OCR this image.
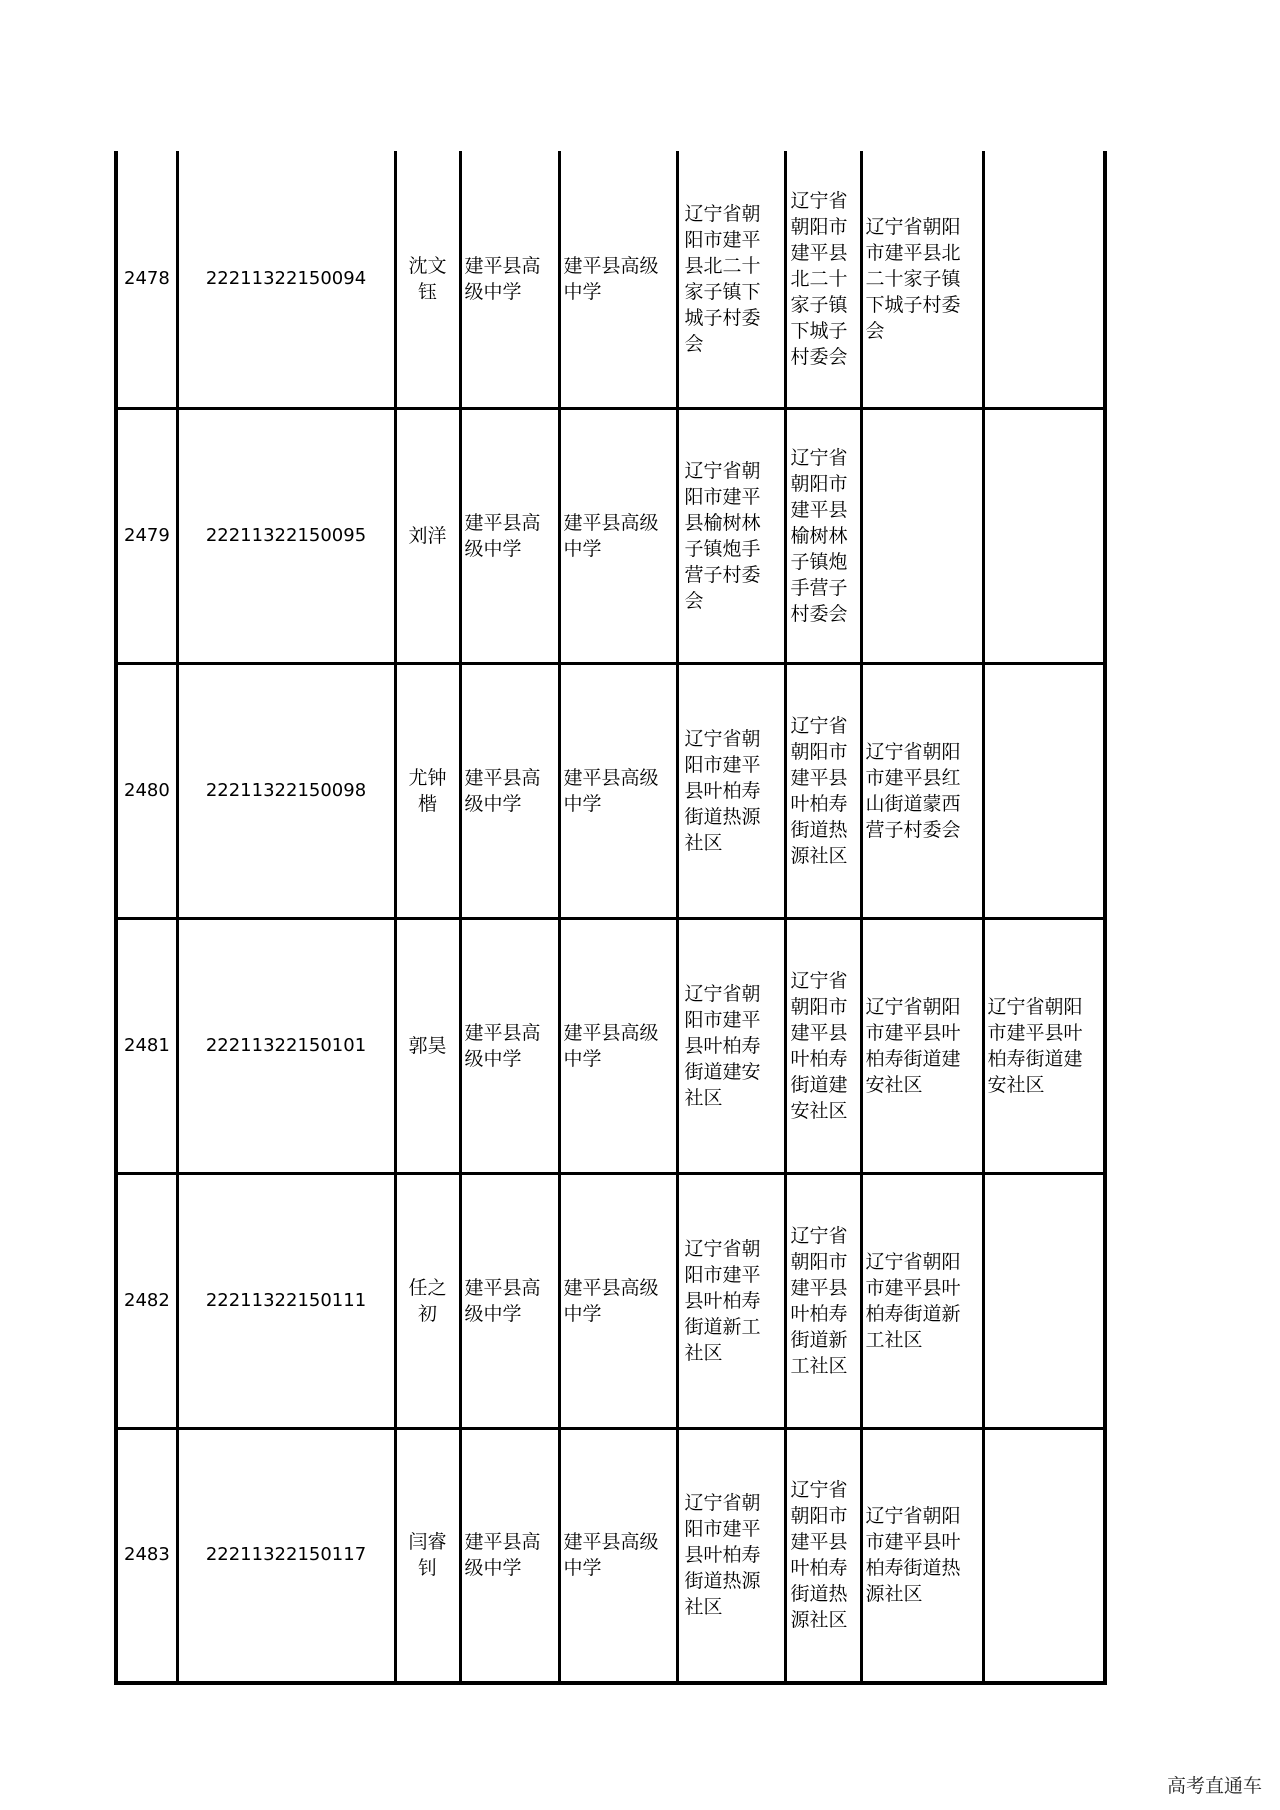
2478	22211322150094	沈文钰	建平县高级中学	建平县高级中学	辽宁省朝阳市建平县北二十家子镇下城子村委会	辽宁省朝阳市建平县北二十家子镇下城子村委会	辽宁省朝阳市建平县北二十家子镇下城子村委会	
2479	22211322150095	刘洋	建平县高级中学	建平县高级中学	辽宁省朝阳市建平县榆树林子镇炮手营子村委会	辽宁省朝阳市建平县榆树林子镇炮手营子村委会		
2480	22211322150098	尤钟楷	建平县高级中学	建平县高级中学	辽宁省朝阳市建平县叶柏寿街道热源社区	辽宁省朝阳市建平县叶柏寿街道热源社区	辽宁省朝阳市建平县红山街道蒙西营子村委会	
2481	22211322150101	郭昊	建平县高级中学	建平县高级中学	辽宁省朝阳市建平县叶柏寿街道建安社区	辽宁省朝阳市建平县叶柏寿街道建安社区	辽宁省朝阳市建平县叶柏寿街道建安社区	辽宁省朝阳市建平县叶柏寿街道建安社区
2482	22211322150111	任之初	建平县高级中学	建平县高级中学	辽宁省朝阳市建平县叶柏寿街道新工社区	辽宁省朝阳市建平县叶柏寿街道新工社区	辽宁省朝阳市建平县叶柏寿街道新工社区	
2483	22211322150117	闫睿钊	建平县高级中学	建平县高级中学	辽宁省朝阳市建平县叶柏寿街道热源社区	辽宁省朝阳市建平县叶柏寿街道热源社区	辽宁省朝阳市建平县叶柏寿街道热源社区	
高考直通车
